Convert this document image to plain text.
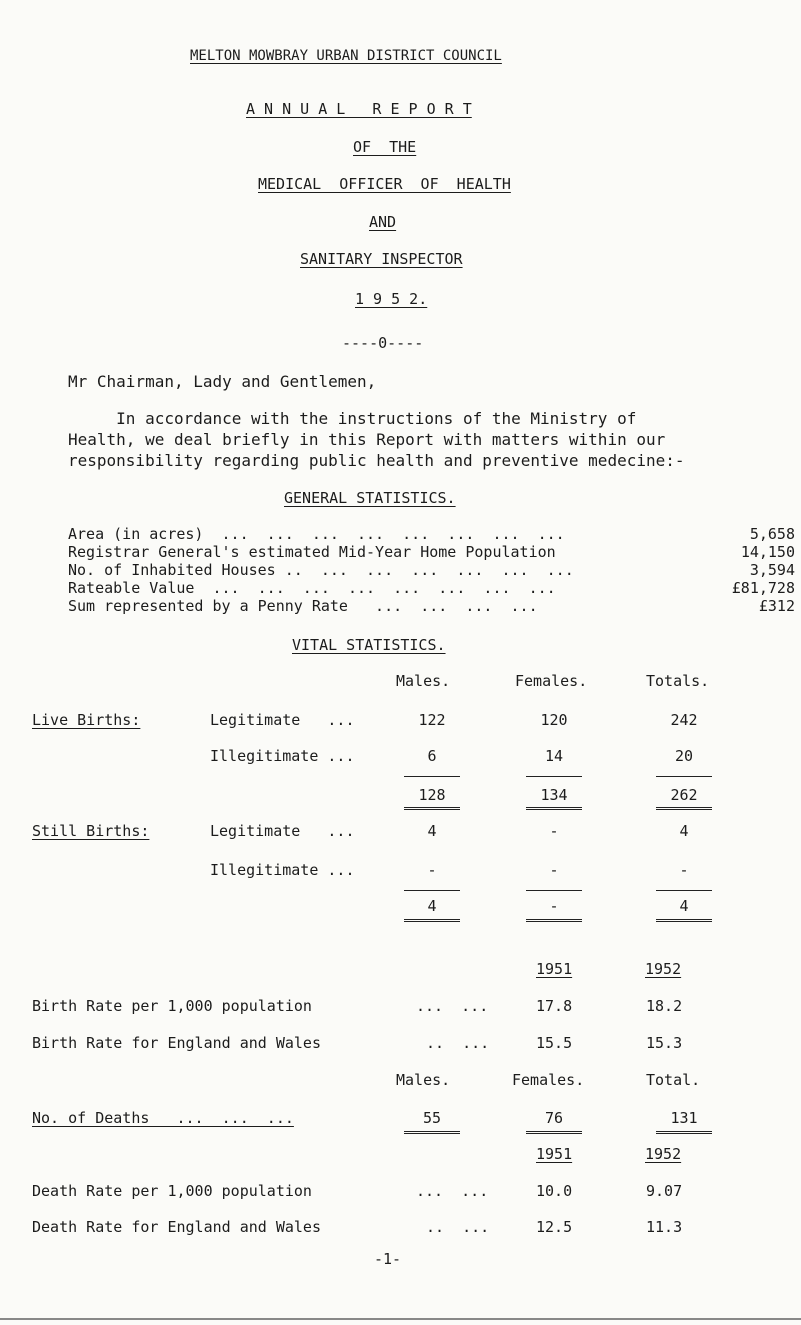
MELTON MOWBRAY URBAN DISTRICT COUNCIL
A N N U A L   R E P O R T
OF  THE
MEDICAL  OFFICER  OF  HEALTH
AND
SANITARY INSPECTOR
1 9 5 2.
----0----
Mr Chairman, Lady and Gentlemen,
In accordance with the instructions of the Ministry of
Health, we deal briefly in this Report with matters within our
responsibility regarding public health and preventive medecine:-
GENERAL STATISTICS.
Area (in acres)  ...  ...  ...  ...  ...  ...  ...  ...	5,658
Registrar General's estimated Mid-Year Home Population	14,150
No. of Inhabited Houses ..  ...  ...  ...  ...  ...  ...	3,594
Rateable Value  ...  ...  ...  ...  ...  ...  ...  ...	£81,728
Sum represented by a Penny Rate   ...  ...  ...  ...	£312
VITAL STATISTICS.
Males.	Females.	Totals.
Live Births:	Legitimate   ...	122	120	242
Illegitimate ...	6	14	20
128	134	262
Still Births:	Legitimate   ...	4	-	4
Illegitimate ...	-	-	-
4	-	4
1951	1952
Birth Rate per 1,000 population	...  ...	17.8	18.2
Birth Rate for England and Wales	..  ...	15.5	15.3
Males.	Females.	Total.
No. of Deaths   ...  ...  ...	55	76	131
1951	1952
Death Rate per 1,000 population	...  ...	10.0	9.07
Death Rate for England and Wales	..  ...	12.5	11.3
-1-
